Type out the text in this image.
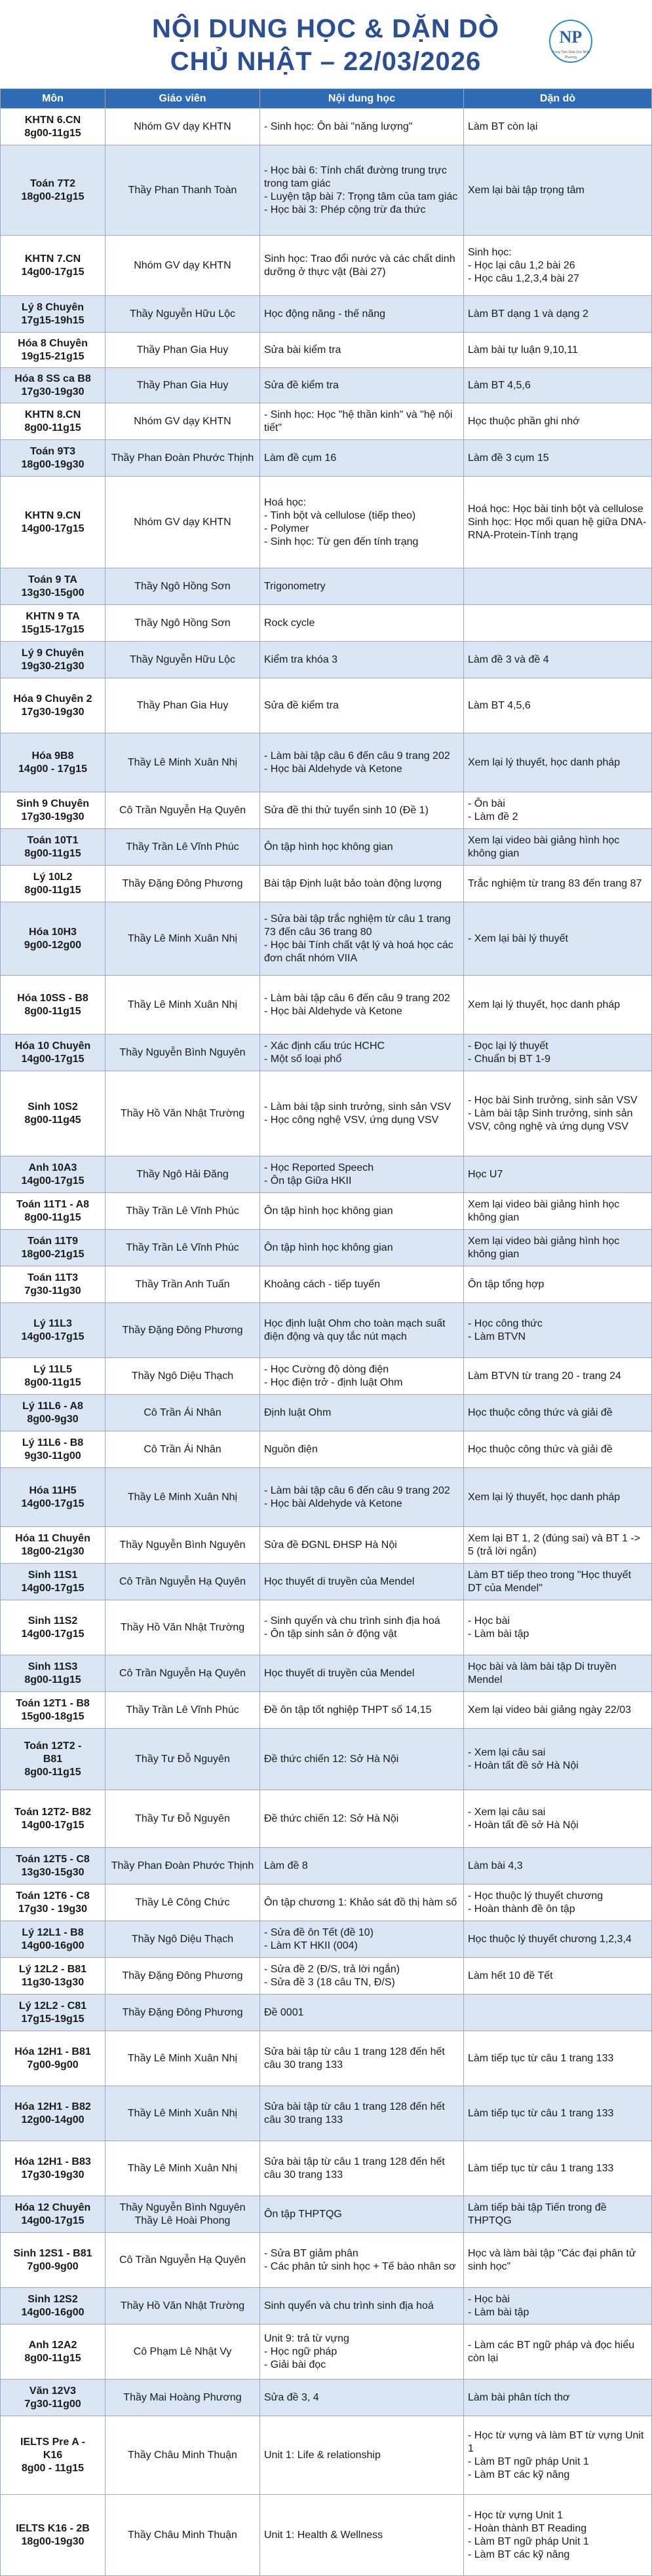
NỘI DUNG HỌC & DẶN DÒ
CHỦ NHẬT – 22/03/2026
NP
Trung Tâm Giáo Dục Nhật Phương
Môn	Giáo viên	Nội dung học	Dặn dò
KHTN 6.CN
8g00-11g15	Nhóm GV dạy KHTN	- Sinh học: Ôn bài "năng lượng"	Làm BT còn lại
Toán 7T2
18g00-21g15	Thầy Phan Thanh Toàn	- Học bài 6: Tính chất đường trung trực trong tam giác
- Luyện tập bài 7: Trọng tâm của tam giác
- Học bài 3: Phép cộng trừ đa thức	Xem lại bài tập trọng tâm
KHTN 7.CN
14g00-17g15	Nhóm GV dạy KHTN	Sinh học: Trao đổi nước và các chất dinh dưỡng ở thực vật (Bài 27)	Sinh học:
- Học lại câu 1,2 bài 26
- Học câu 1,2,3,4 bài 27
Lý 8 Chuyên
17g15-19h15	Thầy Nguyễn Hữu Lộc	Học động năng - thế năng	Làm BT dạng 1 và dạng 2
Hóa 8 Chuyên
19g15-21g15	Thầy Phan Gia Huy	Sửa bài kiểm tra	Làm bài tự luận 9,10,11
Hóa 8 SS ca B8
17g30-19g30	Thầy Phan Gia Huy	Sửa đề kiểm tra	Làm BT 4,5,6
KHTN 8.CN
8g00-11g15	Nhóm GV dạy KHTN	- Sinh học: Học "hệ thần kinh" và "hệ nội tiết"	Học thuộc phần ghi nhớ
Toán 9T3
18g00-19g30	Thầy Phan Đoàn Phước Thịnh	Làm đề cụm 16	Làm đề 3 cụm 15
KHTN 9.CN
14g00-17g15	Nhóm GV dạy KHTN	Hoá học:
- Tinh bột và cellulose (tiếp theo)
- Polymer
- Sinh học: Từ gen đến tính trạng	Hoá học: Học bài tinh bột và cellulose
Sinh học: Học mối quan hệ giữa DNA-RNA-Protein-Tính trạng
Toán 9 TA
13g30-15g00	Thầy Ngô Hồng Sơn	Trigonometry	
KHTN 9 TA
15g15-17g15	Thầy Ngô Hồng Sơn	Rock cycle	
Lý 9 Chuyên
19g30-21g30	Thầy Nguyễn Hữu Lộc	Kiểm tra khóa 3	Làm đề 3 và đề 4
Hóa 9 Chuyên 2
17g30-19g30	Thầy Phan Gia Huy	Sửa đề kiểm tra	Làm BT 4,5,6
Hóa 9B8
14g00 - 17g15	Thầy Lê Minh Xuân Nhị	- Làm bài tập câu 6 đến câu 9 trang 202
- Học bài Aldehyde và Ketone	Xem lại lý thuyết, học danh pháp
Sinh 9 Chuyên
17g30-19g30	Cô Trần Nguyễn Hạ Quyên	Sửa đề thi thử tuyển sinh 10 (Đề 1)	- Ôn bài
- Làm đề 2
Toán 10T1
8g00-11g15	Thầy Trần Lê Vĩnh Phúc	Ôn tập hình học không gian	Xem lại video bài giảng hình học không gian
Lý 10L2
8g00-11g15	Thầy Đặng Đông Phương	Bài tập Định luật bảo toàn động lượng	Trắc nghiệm từ trang 83 đến trang 87
Hóa 10H3
9g00-12g00	Thầy Lê Minh Xuân Nhị	- Sửa bài tập trắc nghiệm từ câu 1 trang 73 đến câu 36 trang 80
- Học bài Tính chất vật lý và hoá học các đơn chất nhóm VIIA	- Xem lại bài lý thuyết
Hóa 10SS - B8
8g00-11g15	Thầy Lê Minh Xuân Nhị	- Làm bài tập câu 6 đến câu 9 trang 202
- Học bài Aldehyde và Ketone	Xem lại lý thuyết, học danh pháp
Hóa 10 Chuyên
14g00-17g15	Thầy Nguyễn Bình Nguyên	- Xác định cấu trúc HCHC
- Một số loại phổ	- Đọc lại lý thuyết
- Chuẩn bị BT 1-9
Sinh 10S2
8g00-11g45	Thầy Hồ Văn Nhật Trường	- Làm bài tập sinh trưởng, sinh sản VSV
- Học công nghệ VSV, ứng dụng VSV	- Học bài Sinh trưởng, sinh sản VSV
- Làm bài tập Sinh trưởng, sinh sản VSV, công nghệ và ứng dụng VSV
Anh 10A3
14g00-17g15	Thầy Ngô Hải Đăng	- Học Reported Speech
- Ôn tập Giữa HKII	Học U7
Toán 11T1 - A8
8g00-11g15	Thầy Trần Lê Vĩnh Phúc	Ôn tập hình học không gian	Xem lại video bài giảng hình học không gian
Toán 11T9
18g00-21g15	Thầy Trần Lê Vĩnh Phúc	Ôn tập hình học không gian	Xem lại video bài giảng hình học không gian
Toán 11T3
7g30-11g30	Thầy Trần Anh Tuấn	Khoảng cách - tiếp tuyến	Ôn tập tổng hợp
Lý 11L3
14g00-17g15	Thầy Đặng Đông Phương	Học định luật Ohm cho toàn mạch suất điện động và quy tắc nút mạch	- Học công thức
- Làm BTVN
Lý 11L5
8g00-11g15	Thầy Ngô Diệu Thạch	- Học Cường độ dòng điện
- Học điện trở - định luật Ohm	Làm BTVN từ trang 20 - trang 24
Lý 11L6 - A8
8g00-9g30	Cô Trần Ái Nhân	Định luật Ohm	Học thuộc công thức và giải đề
Lý 11L6 - B8
9g30-11g00	Cô Trần Ái Nhân	Nguồn điện	Học thuộc công thức và giải đề
Hóa 11H5
14g00-17g15	Thầy Lê Minh Xuân Nhị	- Làm bài tập câu 6 đến câu 9 trang 202
- Học bài Aldehyde và Ketone	Xem lại lý thuyết, học danh pháp
Hóa 11 Chuyên
18g00-21g30	Thầy Nguyễn Bình Nguyên	Sửa đề ĐGNL ĐHSP Hà Nội	Xem lại BT 1, 2 (đúng sai) và BT 1 -> 5 (trả lời ngắn)
Sinh 11S1
14g00-17g15	Cô Trần Nguyễn Hạ Quyên	Học thuyết di truyền của Mendel	Làm BT tiếp theo trong "Học thuyết DT của Mendel"
Sinh 11S2
14g00-17g15	Thầy Hồ Văn Nhật Trường	- Sinh quyển và chu trình sinh địa hoá
- Ôn tập sinh sản ở động vật	- Học bài
- Làm bài tập
Sinh 11S3
8g00-11g15	Cô Trần Nguyễn Hạ Quyên	Học thuyết di truyền của Mendel	Học bài và làm bài tập Di truyền Mendel
Toán 12T1 - B8
15g00-18g15	Thầy Trần Lê Vĩnh Phúc	Đề ôn tập tốt nghiệp THPT số 14,15	Xem lại video bài giảng ngày 22/03
Toán 12T2 -
B81
8g00-11g15	Thầy Tư Đỗ Nguyên	Đề thức chiến 12: Sở Hà Nội	- Xem lại câu sai
- Hoàn tất đề sở Hà Nội
Toán 12T2- B82
14g00-17g15	Thầy Tư Đỗ Nguyên	Đề thức chiến 12: Sở Hà Nội	- Xem lại câu sai
- Hoàn tất đề sở Hà Nội
Toán 12T5 - C8
13g30-15g30	Thầy Phan Đoàn Phước Thịnh	Làm đề 8	Làm bài 4,3
Toán 12T6 - C8
17g30 - 19g30	Thầy Lê Công Chức	Ôn tập chương 1: Khảo sát đồ thị hàm số	- Học thuộc lý thuyết chương
- Hoàn thành đề ôn tập
Lý 12L1 - B8
14g00-16g00	Thầy Ngô Diệu Thạch	- Sửa đề ôn Tết (đề 10)
- Làm KT HKII (004)	Học thuộc lý thuyết chương 1,2,3,4
Lý 12L2 - B81
11g30-13g30	Thầy Đặng Đông Phương	- Sửa đề 2 (Đ/S, trả lời ngắn)
- Sửa đề 3 (18 câu TN, Đ/S)	Làm hết 10 đề Tết
Lý 12L2 - C81
17g15-19g15	Thầy Đặng Đông Phương	Đề 0001	
Hóa 12H1 - B81
7g00-9g00	Thầy Lê Minh Xuân Nhị	Sửa bài tập từ câu 1 trang 128 đến hết câu 30 trang 133	Làm tiếp tục từ câu 1 trang 133
Hóa 12H1 - B82
12g00-14g00	Thầy Lê Minh Xuân Nhị	Sửa bài tập từ câu 1 trang 128 đến hết câu 30 trang 133	Làm tiếp tục từ câu 1 trang 133
Hóa 12H1 - B83
17g30-19g30	Thầy Lê Minh Xuân Nhị	Sửa bài tập từ câu 1 trang 128 đến hết câu 30 trang 133	Làm tiếp tục từ câu 1 trang 133
Hóa 12 Chuyên
14g00-17g15	Thầy Nguyễn Bình Nguyên
Thầy Lê Hoài Phong	Ôn tập THPTQG	Làm tiếp bài tập Tiến trong đề THPTQG
Sinh 12S1 - B81
7g00-9g00	Cô Trần Nguyễn Hạ Quyên	- Sửa BT giảm phân
- Các phân tử sinh học + Tế bào nhân sơ	Học và làm bài tập "Các đại phân tử sinh học"
Sinh 12S2
14g00-16g00	Thầy Hồ Văn Nhật Trường	Sinh quyển và chu trình sinh địa hoá	- Học bài
- Làm bài tập
Anh 12A2
8g00-11g15	Cô Phạm Lê Nhật Vy	Unit 9: trả từ vựng
- Học ngữ pháp
- Giải bài đọc	- Làm các BT ngữ pháp và đọc hiểu còn lại
Văn 12V3
7g30-11g00	Thầy Mai Hoàng Phương	Sửa đề 3, 4	Làm bài phân tích thơ
IELTS Pre A -
K16
8g00 - 11g15	Thầy Châu Minh Thuận	Unit 1: Life & relationship	- Học từ vựng và làm BT từ vựng Unit 1
- Làm BT ngữ pháp Unit 1
- Làm BT các kỹ năng
IELTS K16 - 2B
18g00-19g30	Thầy Châu Minh Thuận	Unit 1: Health & Wellness	- Học từ vựng Unit 1
- Hoàn thành BT Reading
- Làm BT ngữ pháp Unit 1
- Làm BT các kỹ năng
